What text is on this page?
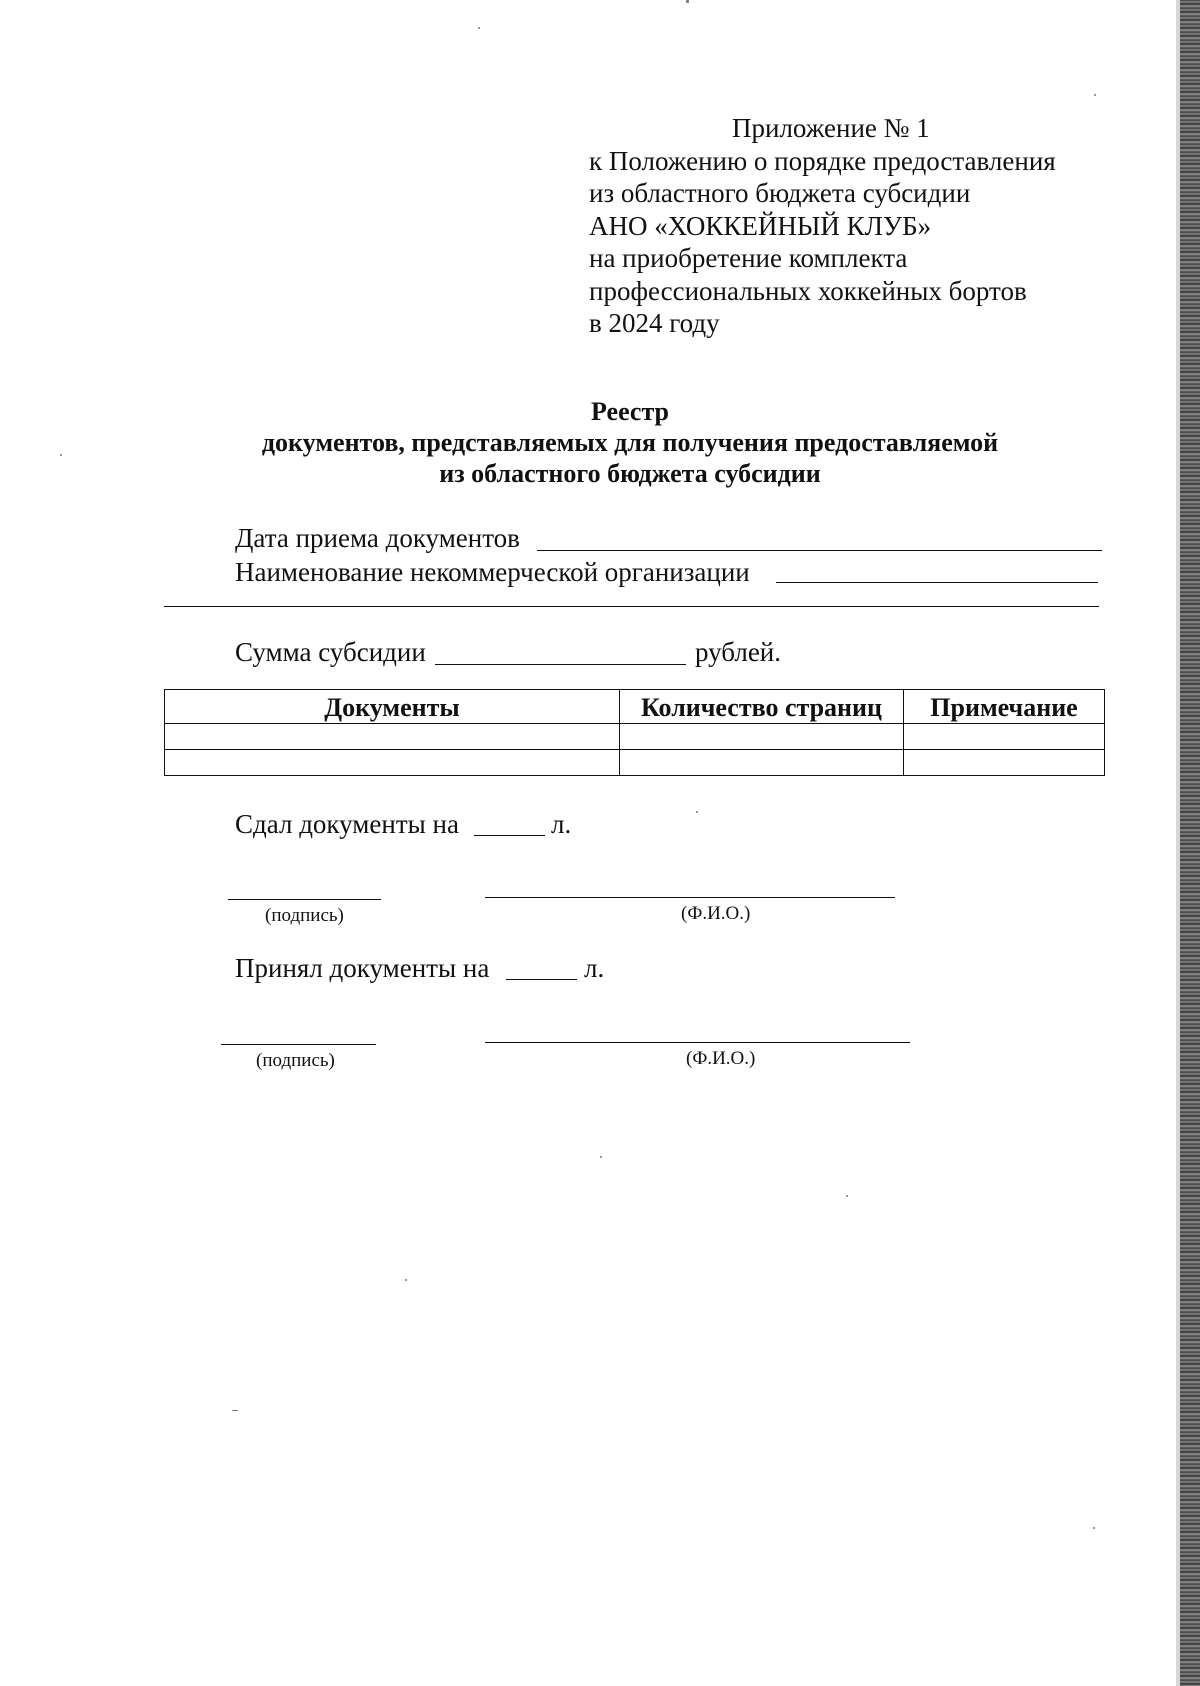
Приложение № 1
к Положению о порядке предоставления
из областного бюджета субсидии
АНО «ХОККЕЙНЫЙ КЛУБ»
на приобретение комплекта
профессиональных хоккейных бортов
в 2024 году
Реестр
документов, представляемых для получения предоставляемой
из областного бюджета субсидии
Дата приема документов
Наименование некоммерческой организации
Сумма субсидии	рублей.
Документы	Количество страниц	Примечание

Сдал документы на	л.
(подпись)	(Ф.И.О.)
Принял документы на	л.
(подпись)	(Ф.И.О.)
